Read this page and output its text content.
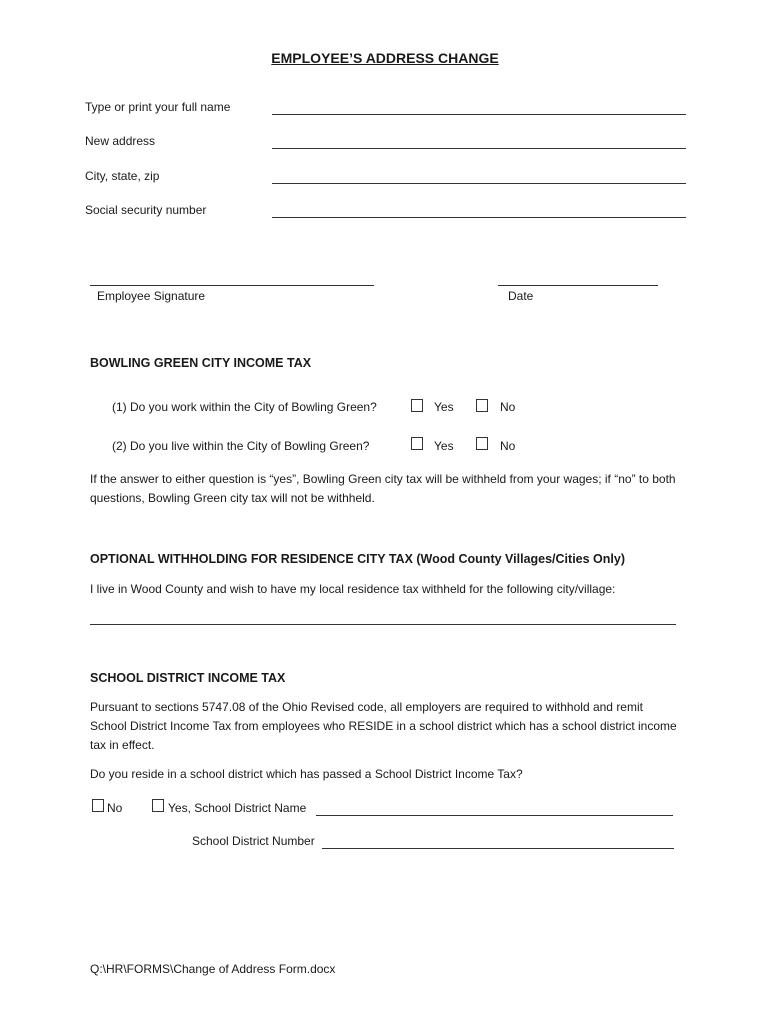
EMPLOYEE’S ADDRESS CHANGE
Type or print your full name
New address
City, state, zip
Social security number
Employee Signature	Date
BOWLING GREEN CITY INCOME TAX
(1) Do you work within the City of Bowling Green?	Yes	No
(2) Do you live within the City of Bowling Green?	Yes	No
If the answer to either question is “yes”, Bowling Green city tax will be withheld from your wages; if “no” to both questions, Bowling Green city tax will not be withheld.
OPTIONAL WITHHOLDING FOR RESIDENCE CITY TAX (Wood County Villages/Cities Only)
I live in Wood County and wish to have my local residence tax withheld for the following city/village:
SCHOOL DISTRICT INCOME TAX
Pursuant to sections 5747.08 of the Ohio Revised code, all employers are required to withhold and remit School District Income Tax from employees who RESIDE in a school district which has a school district income tax in effect.
Do you reside in a school district which has passed a School District Income Tax?
No	Yes, School District Name
School District Number
Q:\HR\FORMS\Change of Address Form.docx
